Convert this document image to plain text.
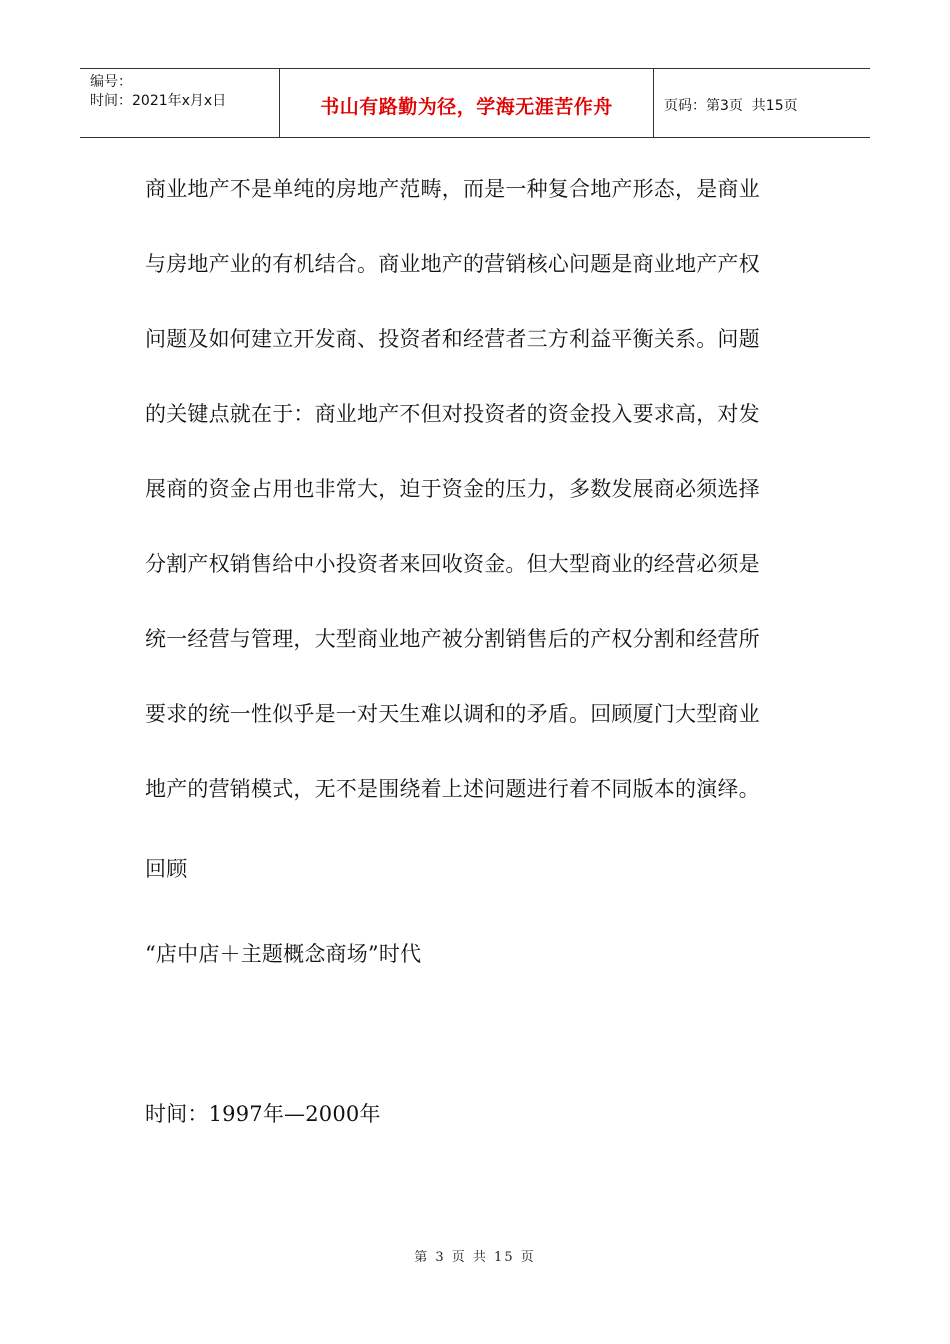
编号：
时间：2021年x月x日	书山有路勤为径，学海无涯苦作舟	页码：第3页  共15页
商业地产不是单纯的房地产范畴，而是一种复合地产形态，是商业
与房地产业的有机结合。商业地产的营销核心问题是商业地产产权
问题及如何建立开发商、投资者和经营者三方利益平衡关系。问题
的关键点就在于：商业地产不但对投资者的资金投入要求高，对发
展商的资金占用也非常大，迫于资金的压力，多数发展商必须选择
分割产权销售给中小投资者来回收资金。但大型商业的经营必须是
统一经营与管理，大型商业地产被分割销售后的产权分割和经营所
要求的统一性似乎是一对天生难以调和的矛盾。回顾厦门大型商业
地产的营销模式，无不是围绕着上述问题进行着不同版本的演绎。
回顾
“店中店＋主题概念商场”时代
时间：1997年—2000年
第 3 页 共 15 页
